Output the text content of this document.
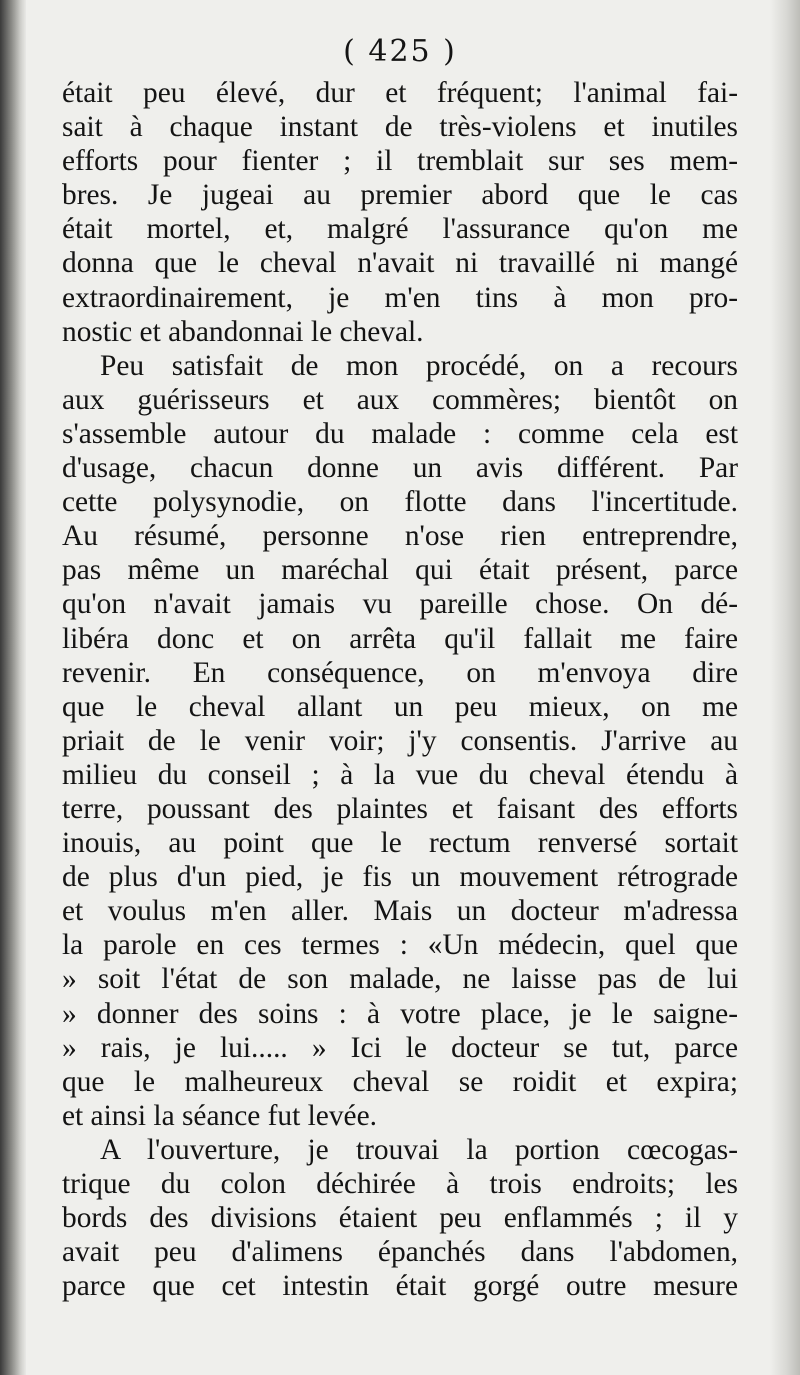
( 425 )
était peu élevé, dur et fréquent; l'animal fai-
sait à chaque instant de très-violens et inutiles
efforts pour fienter ; il tremblait sur ses mem-
bres. Je jugeai au premier abord que le cas
était mortel, et, malgré l'assurance qu'on me
donna que le cheval n'avait ni travaillé ni mangé
extraordinairement, je m'en tins à mon pro-
nostic et abandonnai le cheval.
Peu satisfait de mon procédé, on a recours
aux guérisseurs et aux commères; bientôt on
s'assemble autour du malade : comme cela est
d'usage, chacun donne un avis différent. Par
cette polysynodie, on flotte dans l'incertitude.
Au résumé, personne n'ose rien entreprendre,
pas même un maréchal qui était présent, parce
qu'on n'avait jamais vu pareille chose. On dé-
libéra donc et on arrêta qu'il fallait me faire
revenir. En conséquence, on m'envoya dire
que le cheval allant un peu mieux, on me
priait de le venir voir; j'y consentis. J'arrive au
milieu du conseil ; à la vue du cheval étendu à
terre, poussant des plaintes et faisant des efforts
inouis, au point que le rectum renversé sortait
de plus d'un pied, je fis un mouvement rétrograde
et voulus m'en aller. Mais un docteur m'adressa
la parole en ces termes : «Un médecin, quel que
» soit l'état de son malade, ne laisse pas de lui
» donner des soins : à votre place, je le saigne-
» rais, je lui..... » Ici le docteur se tut, parce
que le malheureux cheval se roidit et expira;
et ainsi la séance fut levée.
A l'ouverture, je trouvai la portion cœcogas-
trique du colon déchirée à trois endroits; les
bords des divisions étaient peu enflammés ; il y
avait peu d'alimens épanchés dans l'abdomen,
parce que cet intestin était gorgé outre mesure
